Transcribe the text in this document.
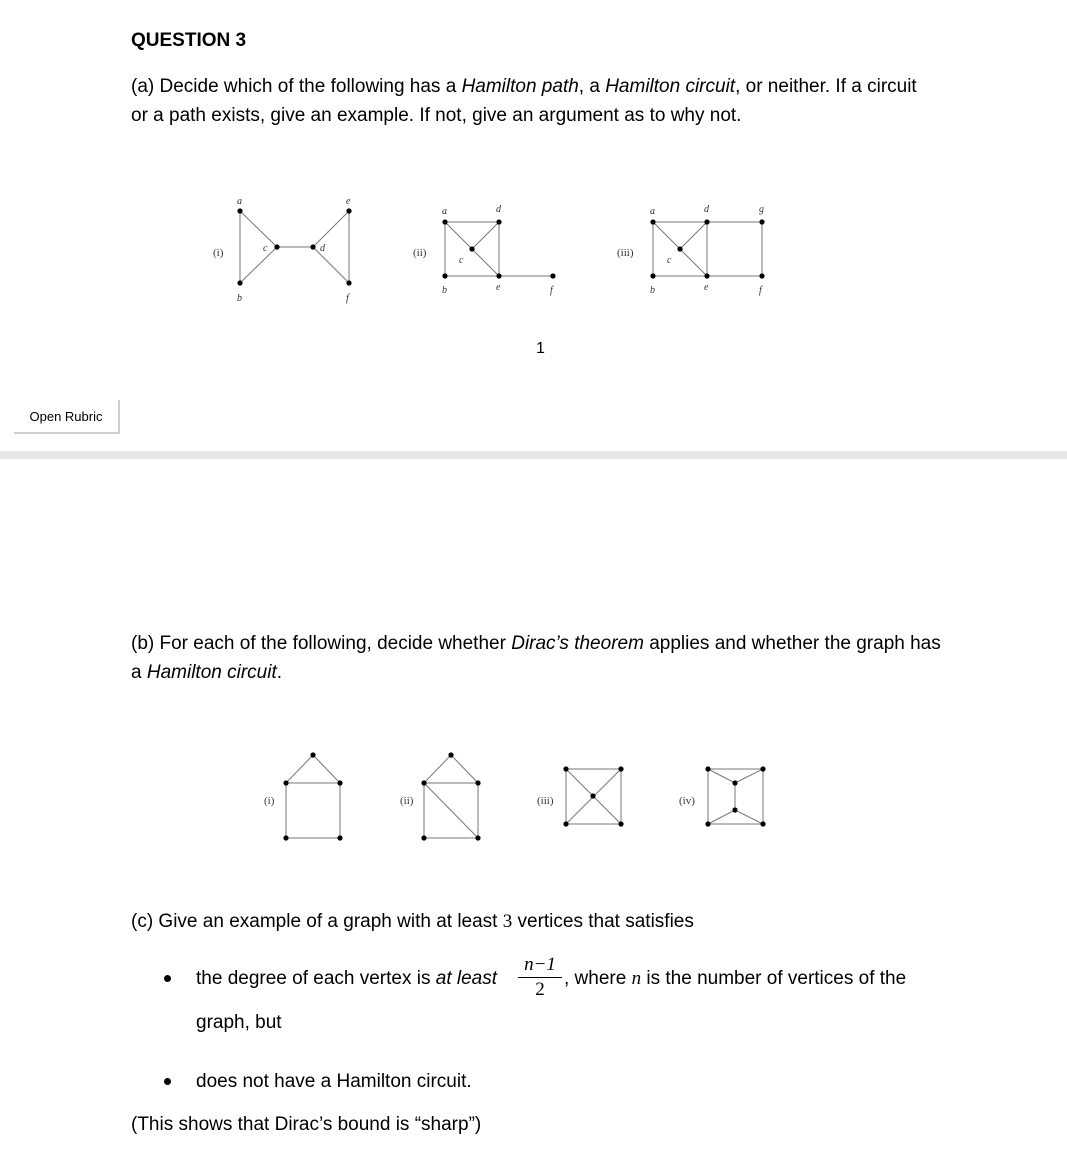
QUESTION 3
(a) Decide which of the following has a Hamilton path, a Hamilton circuit, or neither. If a circuit or a path exists, give an example. If not, give an argument as to why not.
(i)
a
b
c	d
e
f
(ii)
a
b
c
d
e	f
(iii)
a
b
c
d
e	f
g
1
Open Rubric
(b) For each of the following, decide whether Dirac’s theorem applies and whether the graph has a Hamilton circuit.
(i)	(ii)	(iii)	(iv)
(c) Give an example of a graph with at least 3 vertices that satisfies
the degree of each vertex is at least
n−1
2
, where n is the number of vertices of the
graph, but
does not have a Hamilton circuit.
(This shows that Dirac’s bound is “sharp”)
